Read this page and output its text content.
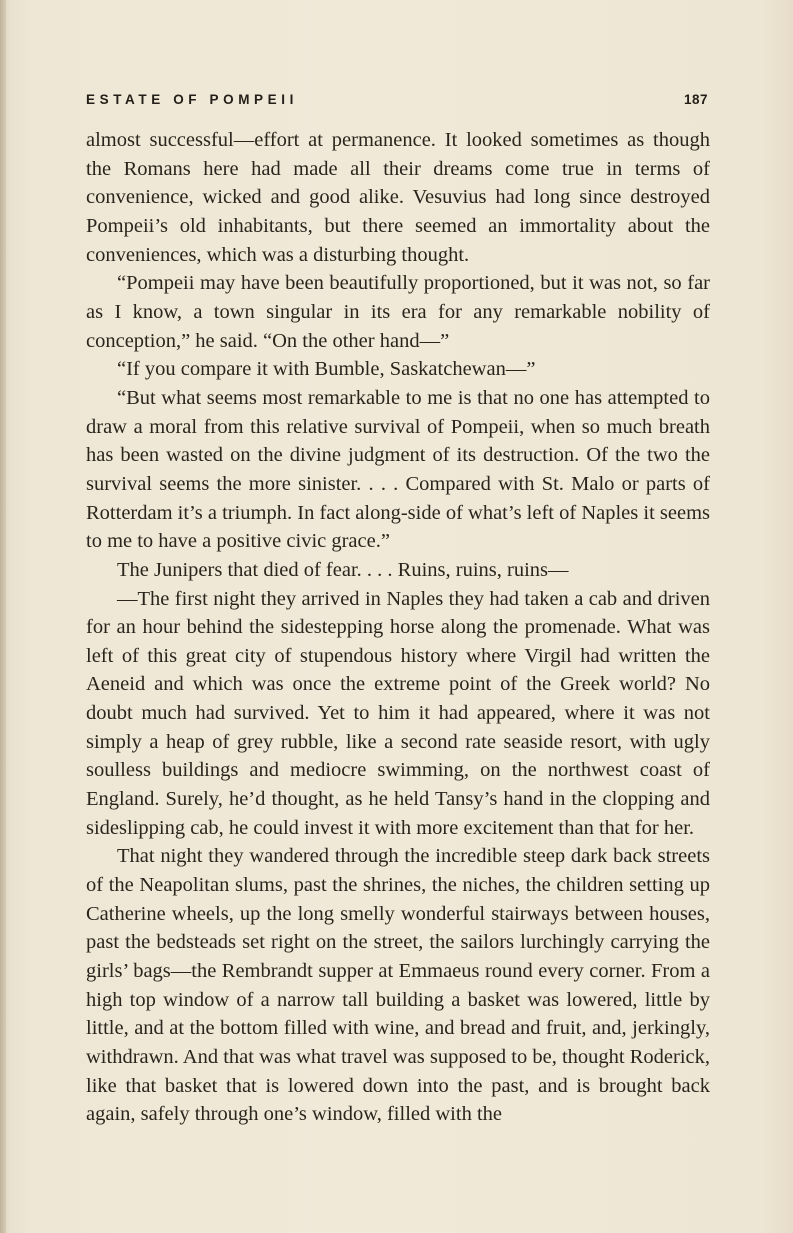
ESTATE OF POMPEII	187

almost successful—effort at permanence. It looked sometimes as though the Romans here had made all their dreams come true in terms of convenience, wicked and good alike. Vesuvius had long since destroyed Pompeii’s old inhabitants, but there seemed an immortality about the conveniences, which was a disturbing thought.

“Pompeii may have been beautifully proportioned, but it was not, so far as I know, a town singular in its era for any remarkable nobility of conception,” he said. “On the other hand—”

“If you compare it with Bumble, Saskatchewan—”

“But what seems most remarkable to me is that no one has attempted to draw a moral from this relative survival of Pompeii, when so much breath has been wasted on the divine judgment of its destruction. Of the two the survival seems the more sinister. . . . Compared with St. Malo or parts of Rotterdam it’s a triumph. In fact along-side of what’s left of Naples it seems to me to have a positive civic grace.”

The Junipers that died of fear. . . . Ruins, ruins, ruins—

—The first night they arrived in Naples they had taken a cab and driven for an hour behind the sidestepping horse along the promenade. What was left of this great city of stupendous history where Virgil had written the Aeneid and which was once the extreme point of the Greek world? No doubt much had survived. Yet to him it had appeared, where it was not simply a heap of grey rubble, like a second rate seaside resort, with ugly soulless buildings and mediocre swimming, on the northwest coast of England. Surely, he’d thought, as he held Tansy’s hand in the clopping and sideslipping cab, he could invest it with more excitement than that for her.

That night they wandered through the incredible steep dark back streets of the Neapolitan slums, past the shrines, the niches, the children setting up Catherine wheels, up the long smelly wonderful stairways between houses, past the bedsteads set right on the street, the sailors lurchingly carrying the girls’ bags—the Rembrandt supper at Emmaeus round every corner. From a high top window of a narrow tall building a basket was lowered, little by little, and at the bottom filled with wine, and bread and fruit, and, jerkingly, withdrawn. And that was what travel was supposed to be, thought Roderick, like that basket that is lowered down into the past, and is brought back again, safely through one’s window, filled with the
